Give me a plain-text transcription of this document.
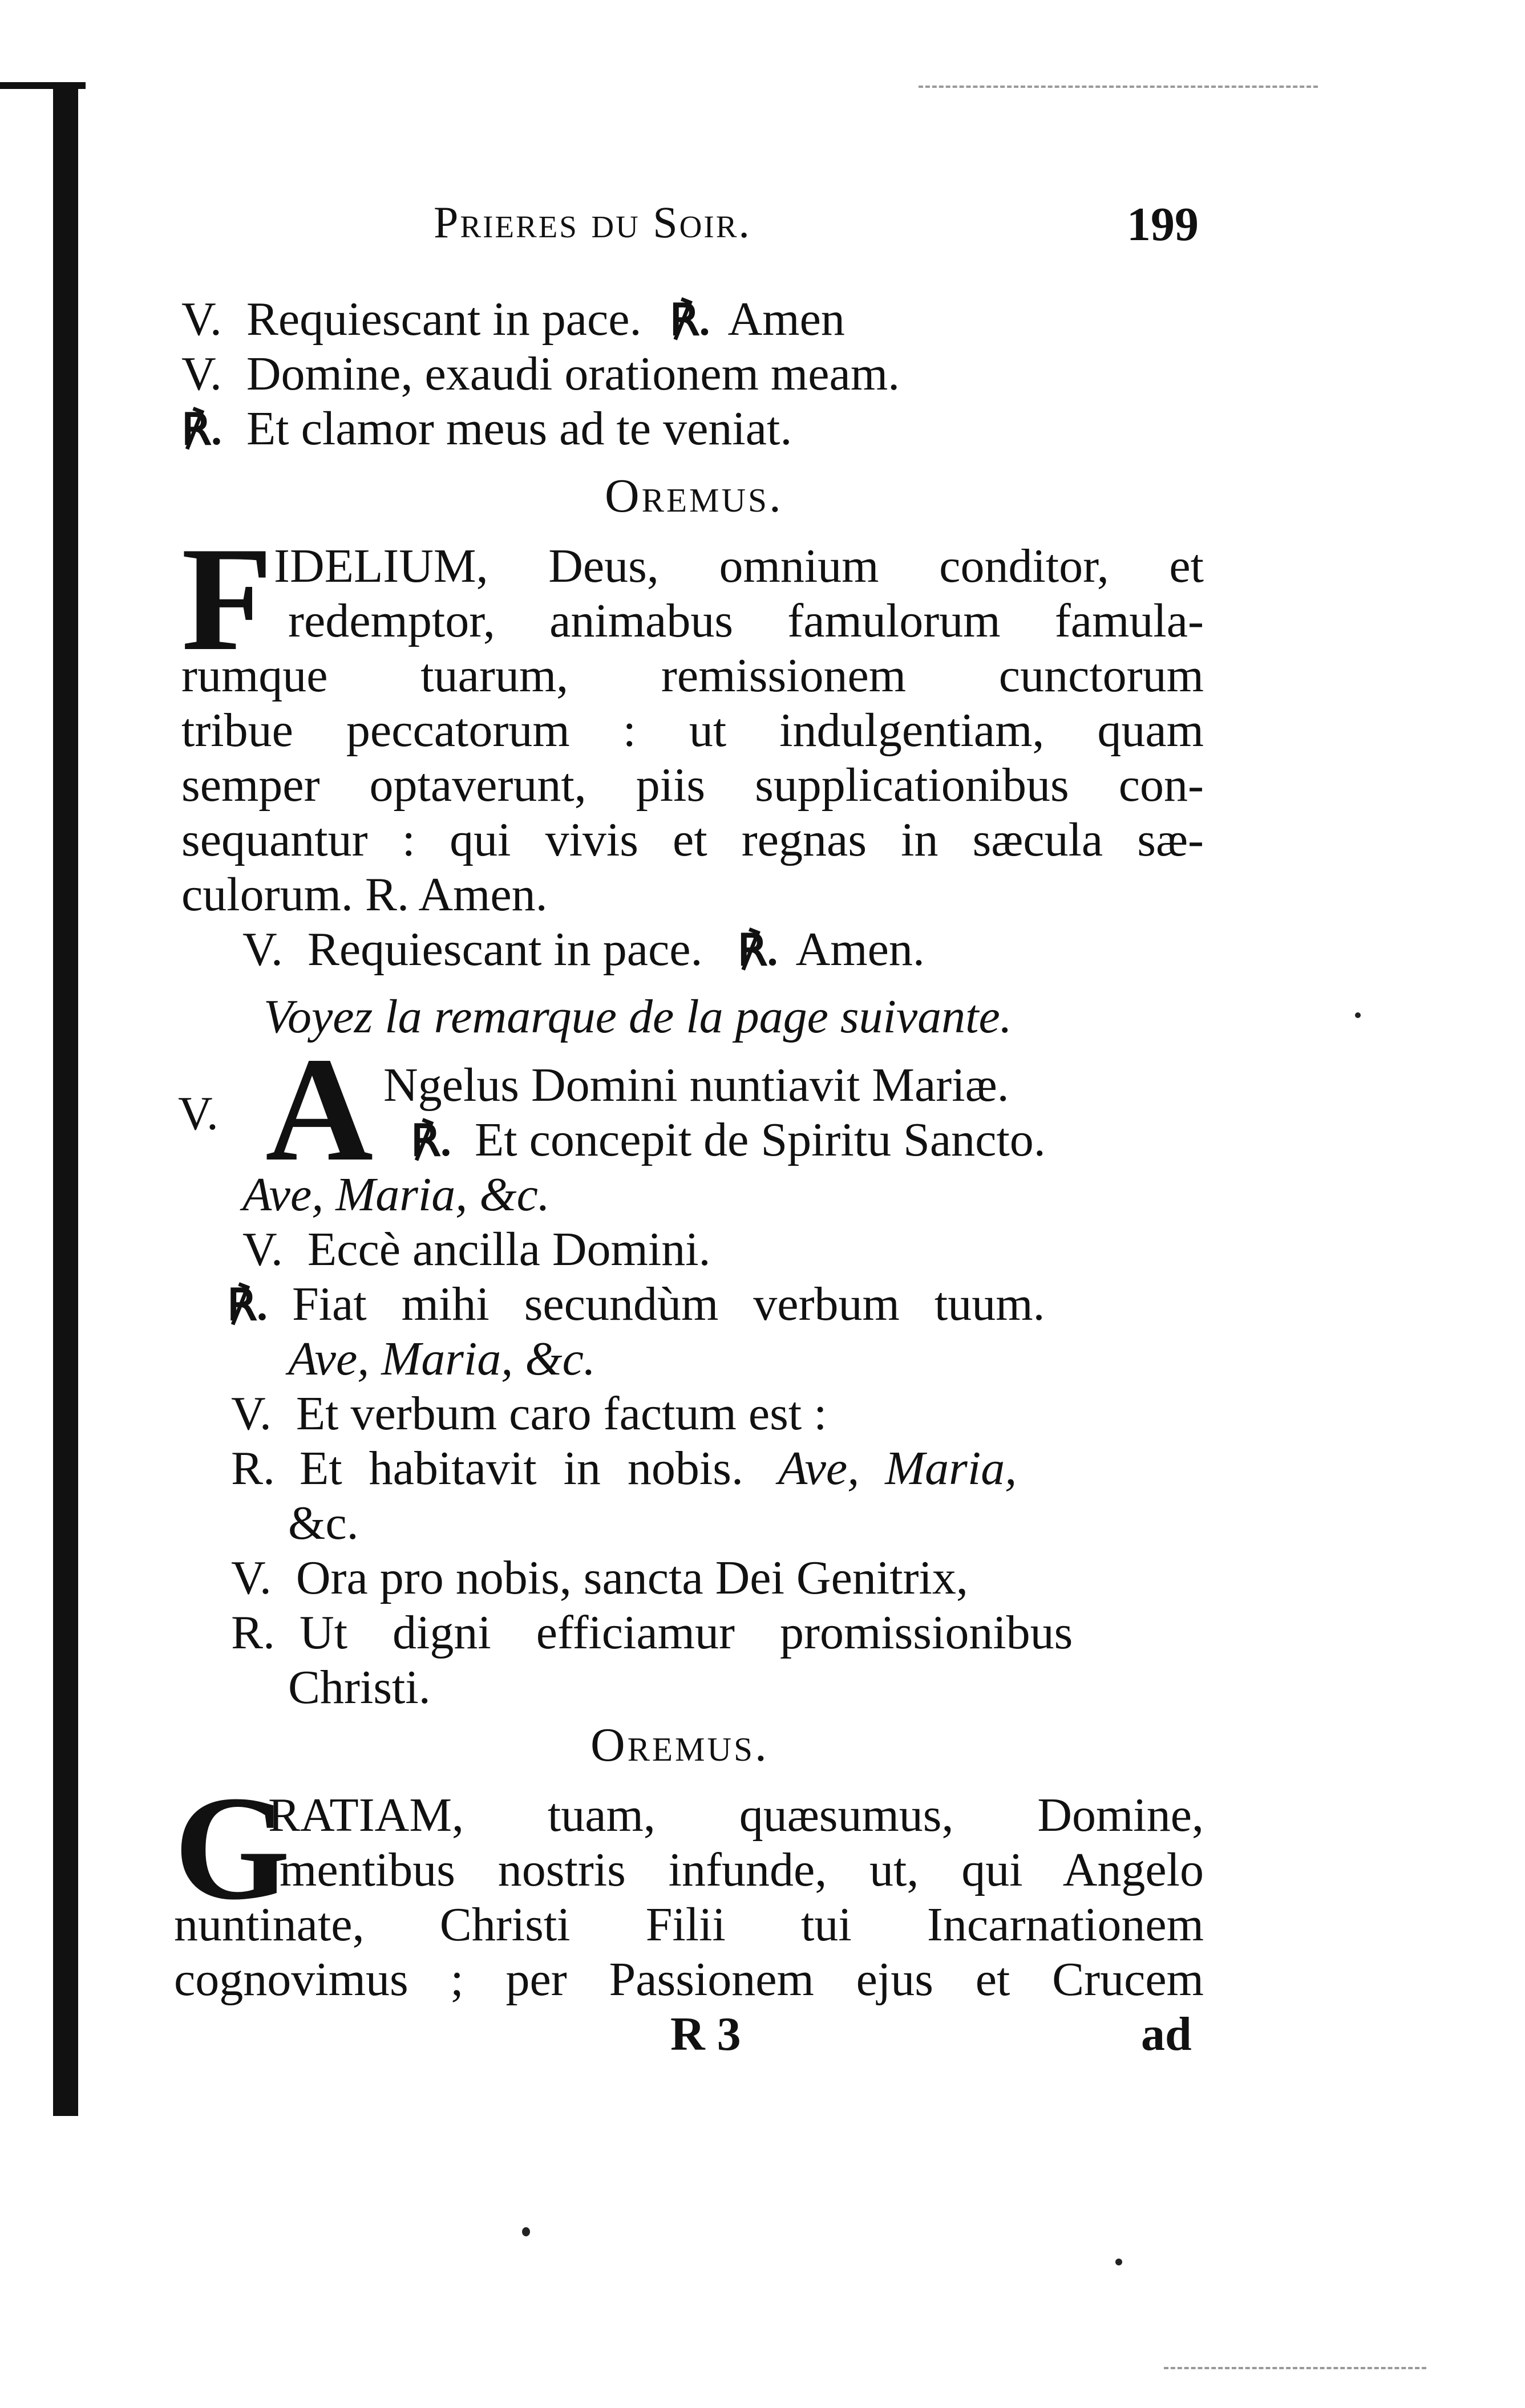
Prieres du Soir.	199
V. Requiescant in pace. ℟. Amen
V. Domine, exaudi orationem meam.
℟. Et clamor meus ad te veniat.
Oremus.
F IDELIUM, Deus, omnium conditor, et
redemptor, animabus famulorum famula-
rumque tuarum, remissionem cunctorum
tribue peccatorum : ut indulgentiam, quam
semper optaverunt, piis supplicationibus con-
sequantur : qui vivis et regnas in sæcula sæ-
culorum. R. Amen.
V. Requiescant in pace. ℟. Amen.
Voyez la remarque de la page suivante.
V. A Ngelus Domini nuntiavit Mariæ.
℟. Et concepit de Spiritu Sancto.
Ave, Maria, &c.
V. Eccè ancilla Domini.
℟. Fiat mihi secundùm verbum tuum.
Ave, Maria, &c.
V. Et verbum caro factum est :
R. Et habitavit in nobis. Ave, Maria,
&c.
V. Ora pro nobis, sancta Dei Genitrix,
R. Ut digni efficiamur promissionibus
Christi.
Oremus.
G
RATIAM, tuam, quæsumus, Domine,
mentibus nostris infunde, ut, qui Angelo
nuntinate, Christi Filii tui Incarnationem
cognovimus ; per Passionem ejus et Crucem
R 3	ad
